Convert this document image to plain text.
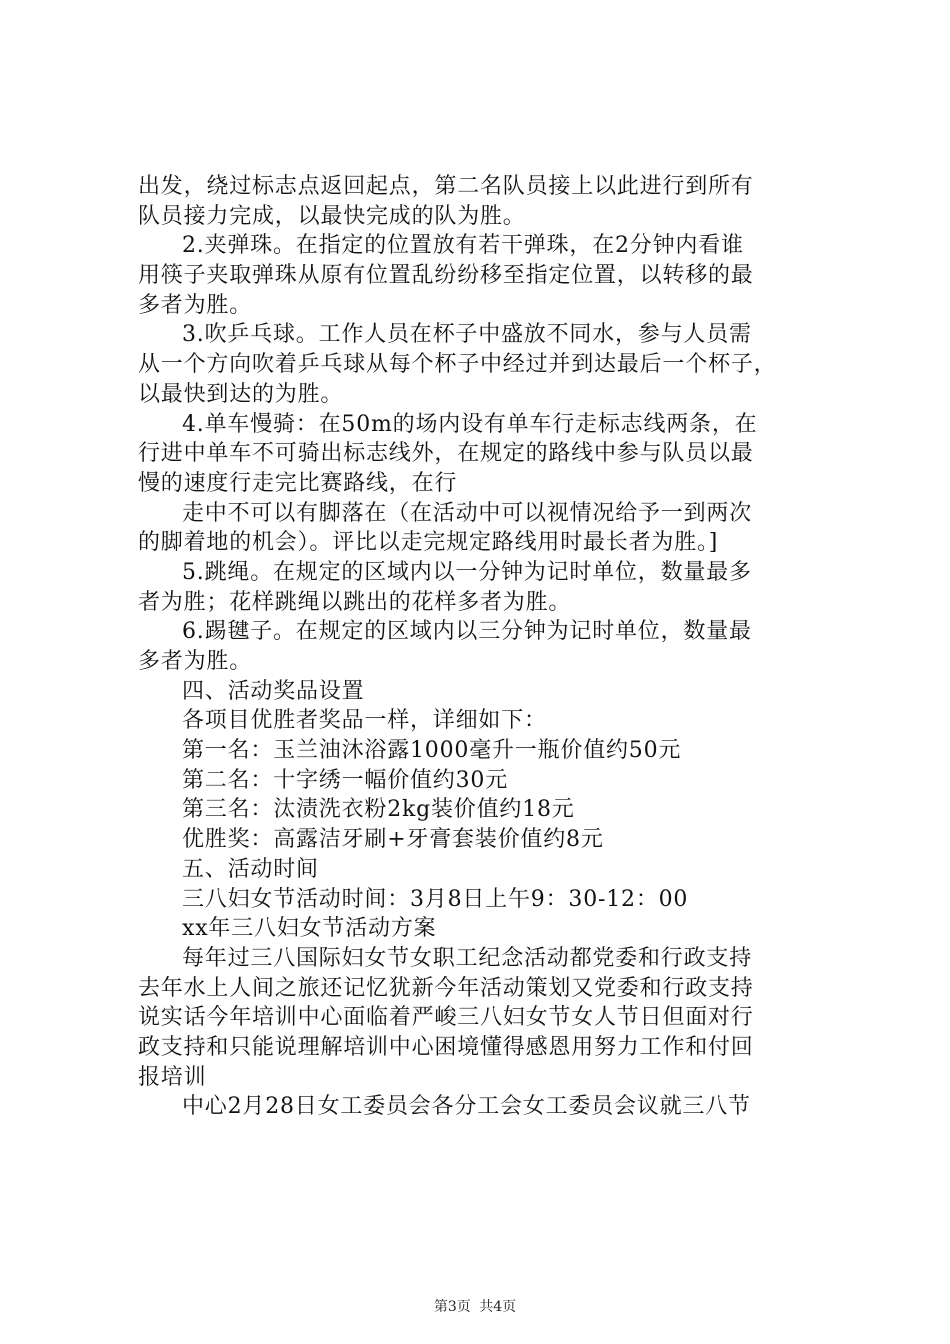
出发，绕过标志点返回起点，第二名队员接上以此进行到所有
队员接力完成，以最快完成的队为胜。
2.夹弹珠。在指定的位置放有若干弹珠，在2分钟内看谁
用筷子夹取弹珠从原有位置乱纷纷移至指定位置，以转移的最
多者为胜。
3.吹乒乓球。工作人员在杯子中盛放不同水，参与人员需
从一个方向吹着乒乓球从每个杯子中经过并到达最后一个杯子，
以最快到达的为胜。
4.单车慢骑：在50m的场内设有单车行走标志线两条，在
行进中单车不可骑出标志线外，在规定的路线中参与队员以最
慢的速度行走完比赛路线，在行
走中不可以有脚落在（在活动中可以视情况给予一到两次
的脚着地的机会）。评比以走完规定路线用时最长者为胜。]
5.跳绳。在规定的区域内以一分钟为记时单位，数量最多
者为胜；花样跳绳以跳出的花样多者为胜。
6.踢毽子。在规定的区域内以三分钟为记时单位，数量最
多者为胜。
四、活动奖品设置
各项目优胜者奖品一样，详细如下：
第一名：玉兰油沐浴露1000毫升一瓶价值约50元
第二名：十字绣一幅价值约30元
第三名：汰渍洗衣粉2kg装价值约18元
优胜奖：高露洁牙刷+牙膏套装价值约8元
五、活动时间
三八妇女节活动时间：3月8日上午9：30-12：00
xx年三八妇女节活动方案
每年过三八国际妇女节女职工纪念活动都党委和行政支持
去年水上人间之旅还记忆犹新今年活动策划又党委和行政支持
说实话今年培训中心面临着严峻三八妇女节女人节日但面对行
政支持和只能说理解培训中心困境懂得感恩用努力工作和付回
报培训
中心2月28日女工委员会各分工会女工委员会议就三八节
第3页 共4页
